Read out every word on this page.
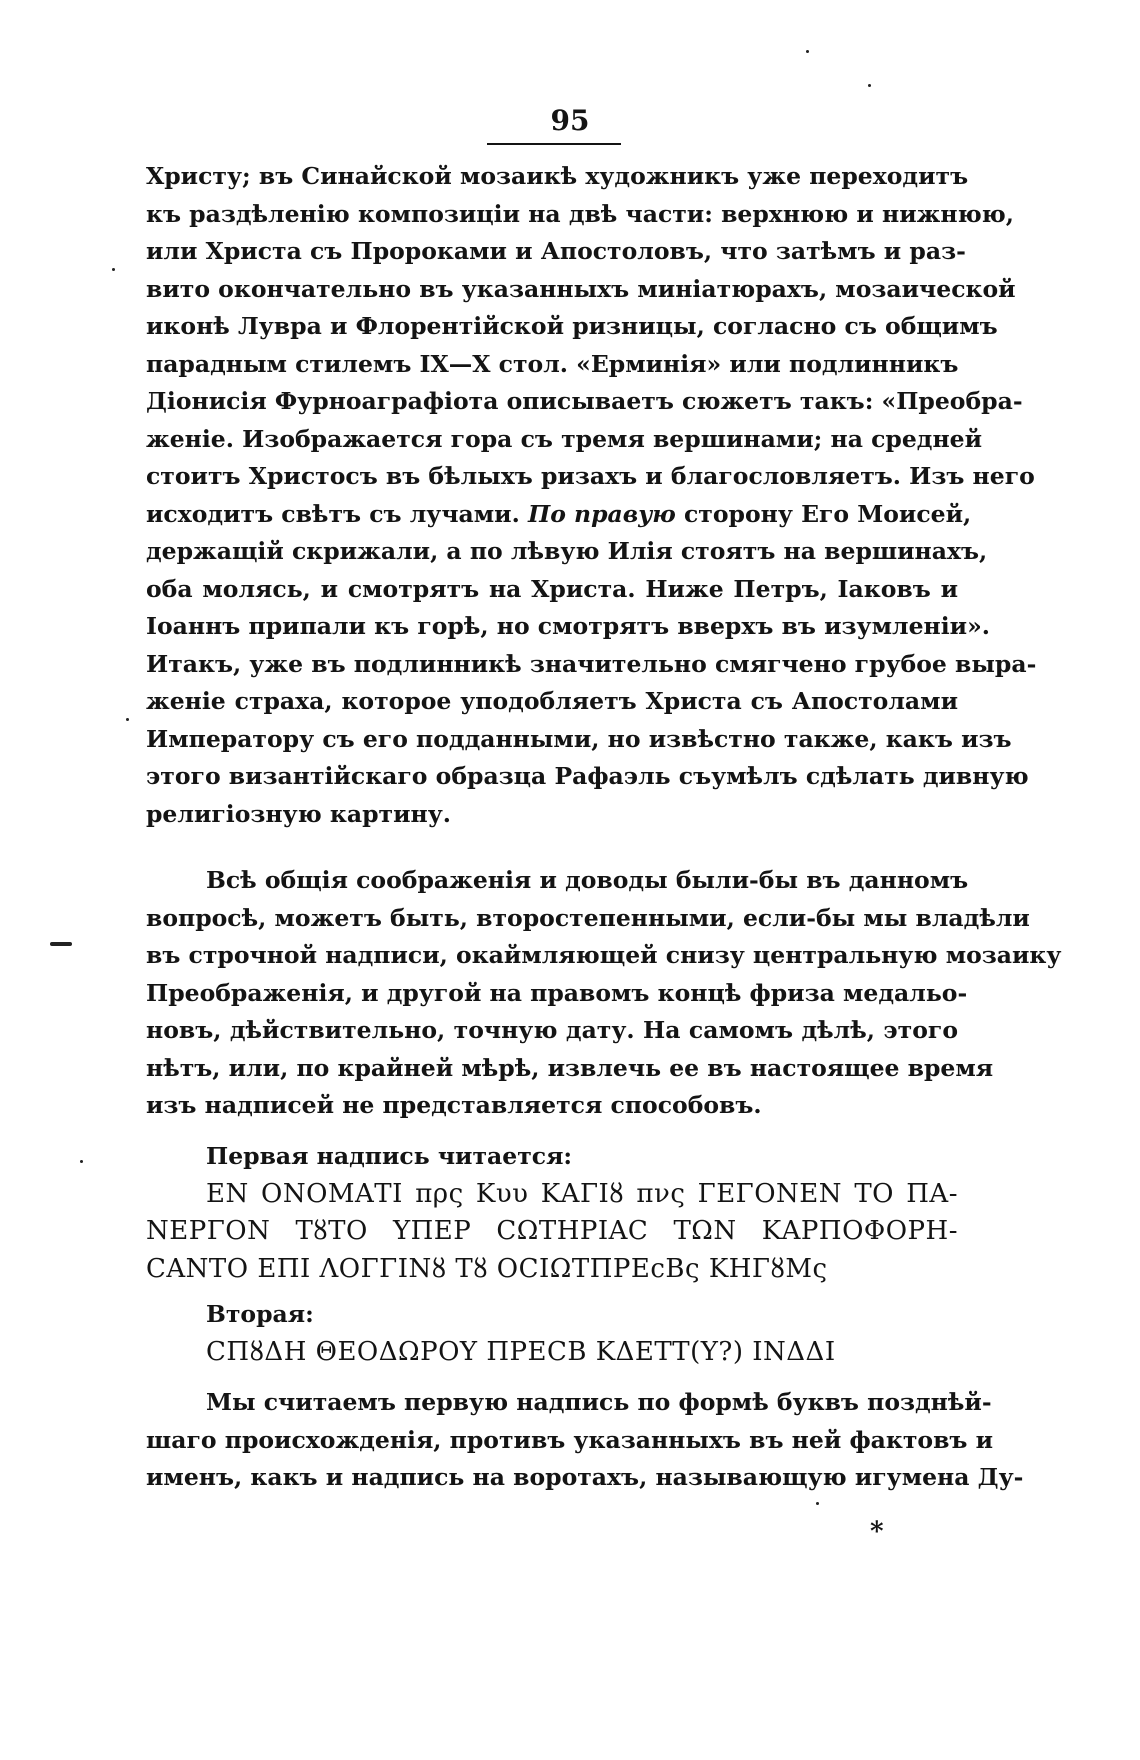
95
Христу; въ Синайской мозаикѣ художникъ уже переходитъ
къ раздѣленію композиціи на двѣ части: верхнюю и нижнюю,
или Христа съ Пророками и Апостоловъ, что затѣмъ и раз-
вито окончательно въ указанныхъ миніатюрахъ, мозаической
иконѣ Лувра и Флорентійской ризницы, согласно съ общимъ
парадным стилемъ IX—X стол. «Ерминія» или подлинникъ
Діонисія Фурноаграфіота описываетъ сюжетъ такъ: «Преобра-
женіе. Изображается гора съ тремя вершинами; на средней
стоитъ Христосъ въ бѣлыхъ ризахъ и благословляетъ. Изъ него
исходитъ свѣтъ съ лучами. По правую сторону Его Моисей,
держащій скрижали, а по лѣвую Илія стоятъ на вершинахъ,
оба молясь, и смотрятъ на Христа. Ниже Петръ, Іаковъ и
Іоаннъ припали къ горѣ, но смотрятъ вверхъ въ изумленіи».
Итакъ, уже въ подлинникѣ значительно смягчено грубое выра-
женіе страха, которое уподобляетъ Христа съ Апостолами
Императору съ его подданными, но извѣстно также, какъ изъ
этого византійскаго образца Рафаэль съумѣлъ сдѣлать дивную
религіозную картину.
Всѣ общія соображенія и доводы были-бы въ данномъ
вопросѣ, можетъ быть, второстепенными, если-бы мы владѣли
въ строчной надписи, окаймляющей снизу центральную мозаику
Преображенія, и другой на правомъ концѣ фриза медальо-
новъ, дѣйствительно, точную дату. На самомъ дѣлѣ, этого
нѣтъ, или, по крайней мѣрѣ, извлечь ее въ настоящее время
изъ надписей не представляется способовъ.
Первая надпись читается:
ΕΝ ΟΝΟΜΑΤΙ πρς Κυυ ΚΑΓΙȣ πνς ΓΕΓΟΝΕΝ ΤΟ ΠΑ-
ΝΕΡΓΟΝ ΤȣΤΟ ΥΠΕΡ ϹΩΤΗΡΙΑϹ ΤΩΝ ΚΑΡΠΟΦΟΡΗ-
ϹΑΝΤΟ ΕΠΙ ΛΟΓΓΙΝȣ Τȣ ΟϹΙΩΤΠΡΕcΒς ΚΗΓȣΜς
Вторая:
ϹΠȣΔΗ ΘΕΟΔΩΡΟΥ ΠΡΕϹΒ ΚΔΕΤΤ(Υ?) ΙΝΔΔΙ
Мы считаемъ первую надпись по формѣ буквъ позднѣй-
шаго происхожденія, противъ указанныхъ въ ней фактовъ и
именъ, какъ и надпись на воротахъ, называющую игумена Ду-
*
